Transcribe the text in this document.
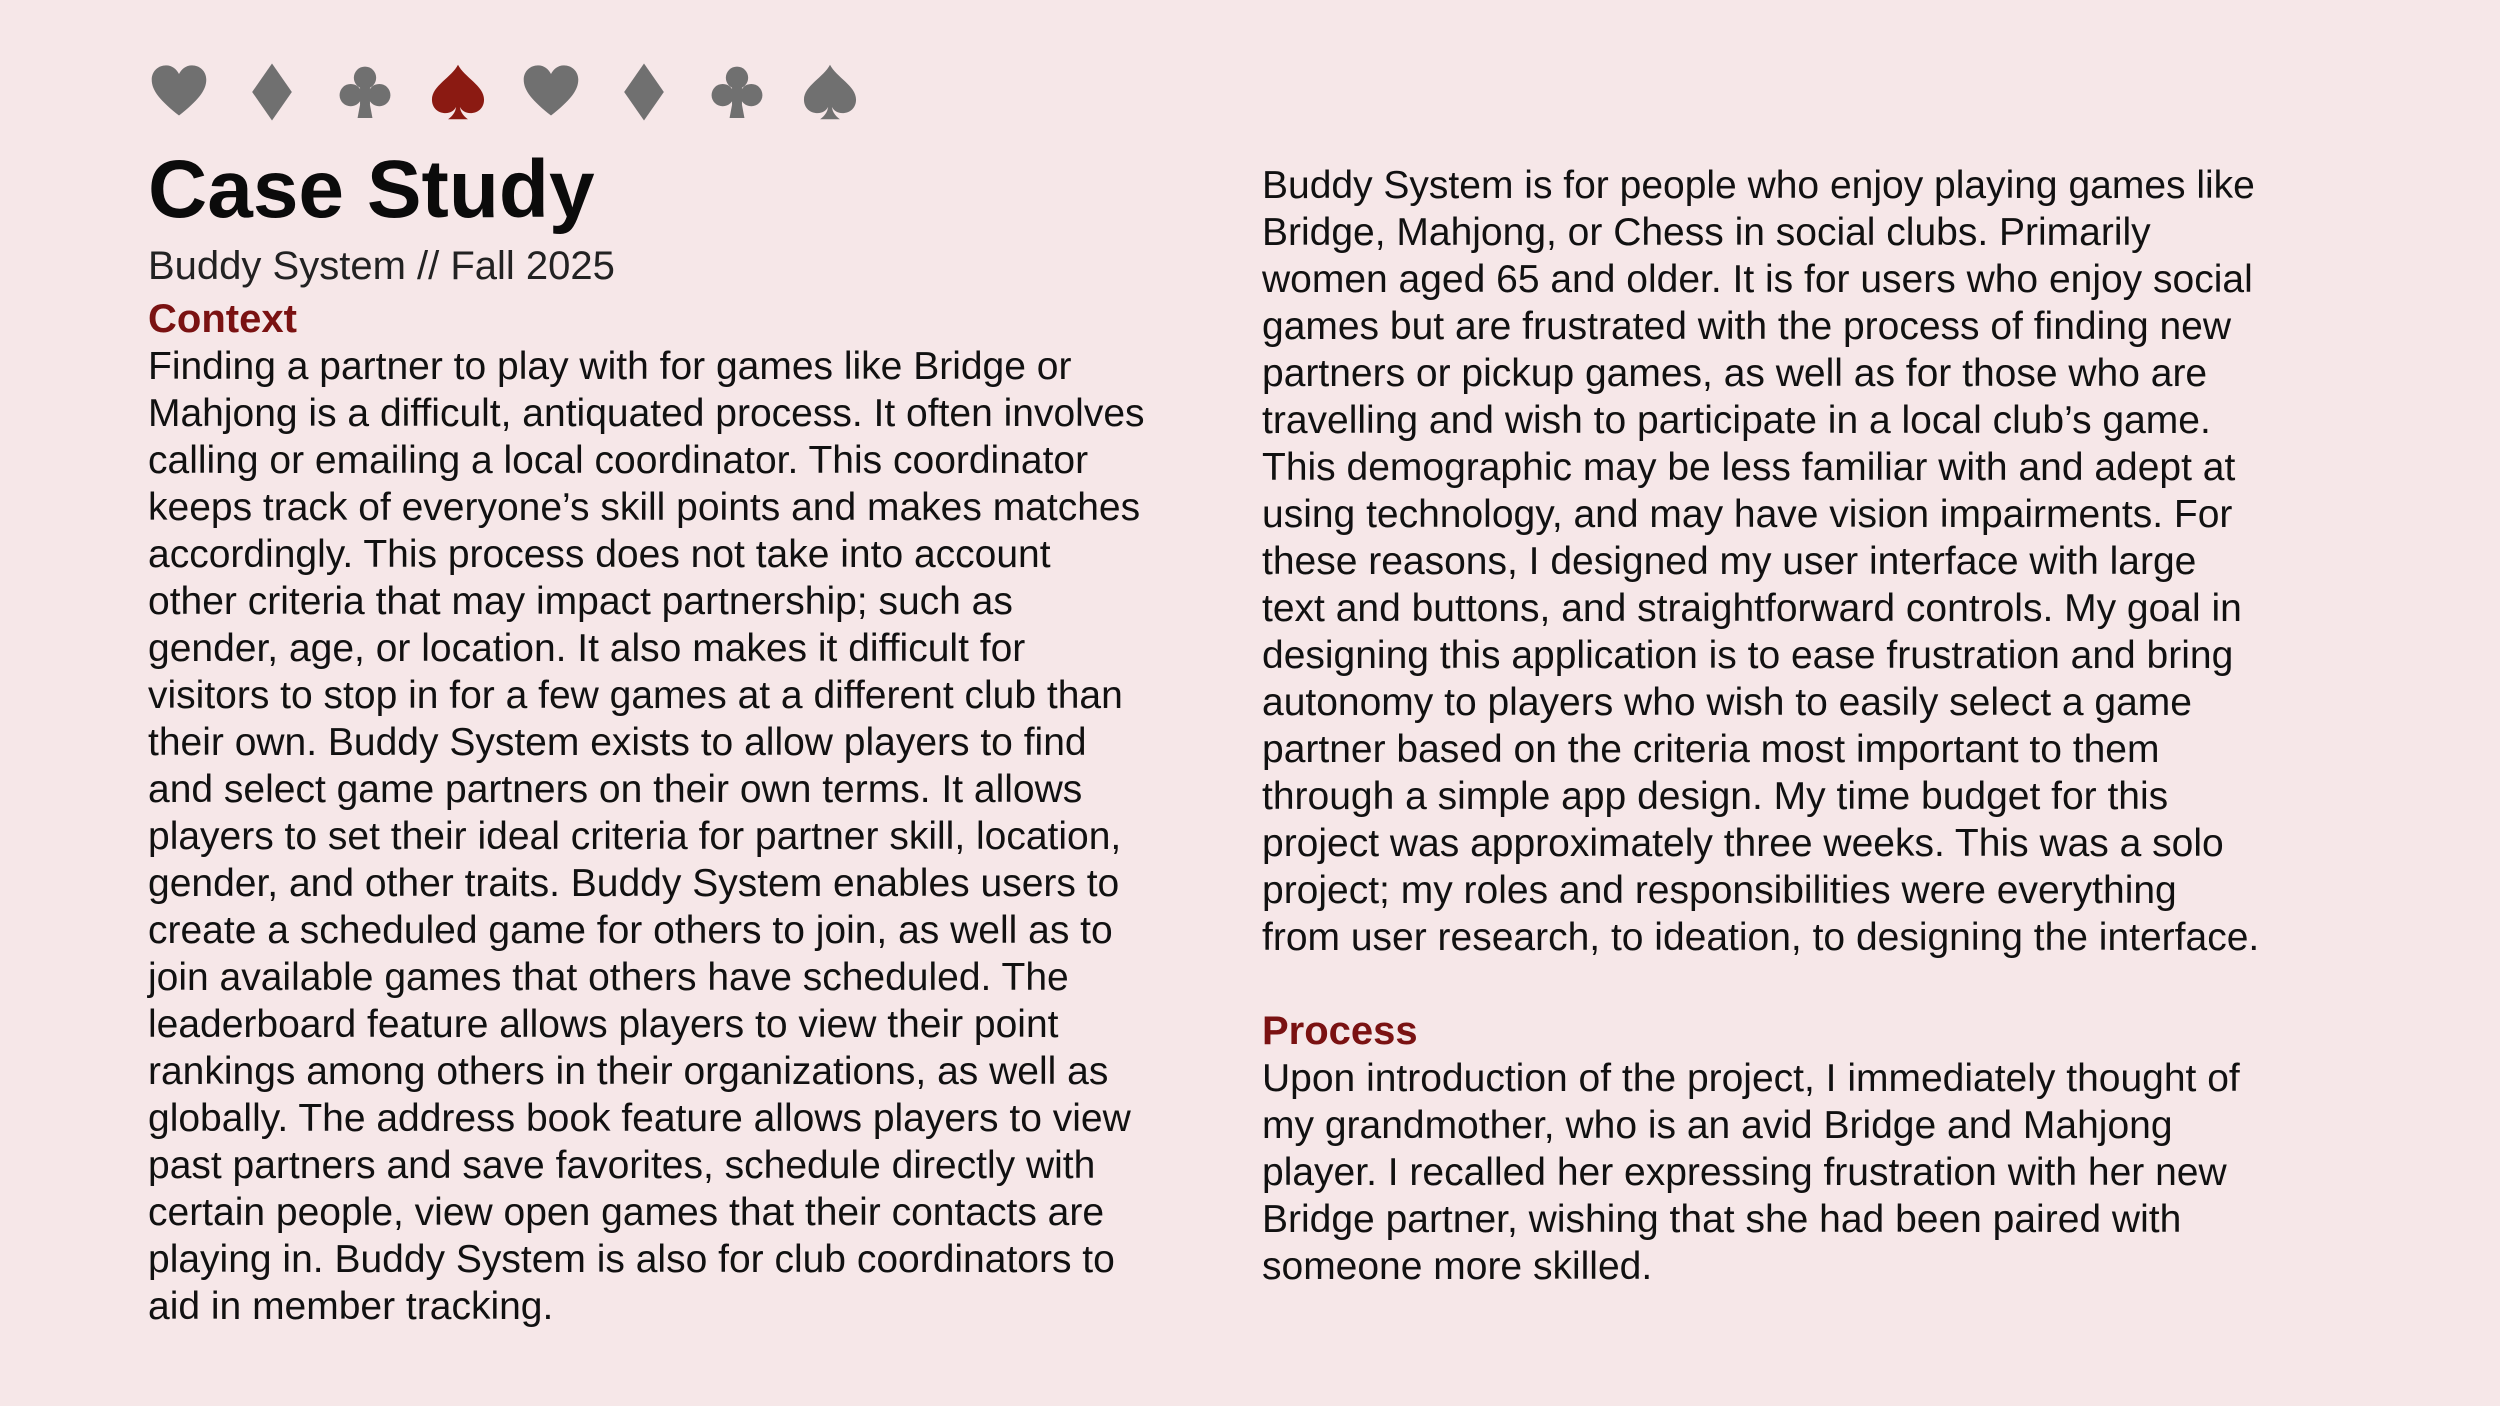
Case Study
Buddy System // Fall 2025
Context
Finding a partner to play with for games like Bridge or
Mahjong is a difficult, antiquated process. It often involves
calling or emailing a local coordinator. This coordinator
keeps track of everyone’s skill points and makes matches
accordingly. This process does not take into account
other criteria that may impact partnership; such as
gender, age, or location. It also makes it difficult for
visitors to stop in for a few games at a different club than
their own. Buddy System exists to allow players to find
and select game partners on their own terms. It allows
players to set their ideal criteria for partner skill, location,
gender, and other traits. Buddy System enables users to
create a scheduled game for others to join, as well as to
join available games that others have scheduled. The
leaderboard feature allows players to view their point
rankings among others in their organizations, as well as
globally. The address book feature allows players to view
past partners and save favorites, schedule directly with
certain people, view open games that their contacts are
playing in. Buddy System is also for club coordinators to
aid in member tracking.
Buddy System is for people who enjoy playing games like
Bridge, Mahjong, or Chess in social clubs. Primarily
women aged 65 and older. It is for users who enjoy social
games but are frustrated with the process of finding new
partners or pickup games, as well as for those who are
travelling and wish to participate in a local club’s game.
This demographic may be less familiar with and adept at
using technology, and may have vision impairments. For
these reasons, I designed my user interface with large
text and buttons, and straightforward controls. My goal in
designing this application is to ease frustration and bring
autonomy to players who wish to easily select a game
partner based on the criteria most important to them
through a simple app design. My time budget for this
project was approximately three weeks. This was a solo
project; my roles and responsibilities were everything
from user research, to ideation, to designing the interface.
Process
Upon introduction of the project, I immediately thought of
my grandmother, who is an avid Bridge and Mahjong
player. I recalled her expressing frustration with her new
Bridge partner, wishing that she had been paired with
someone more skilled.
